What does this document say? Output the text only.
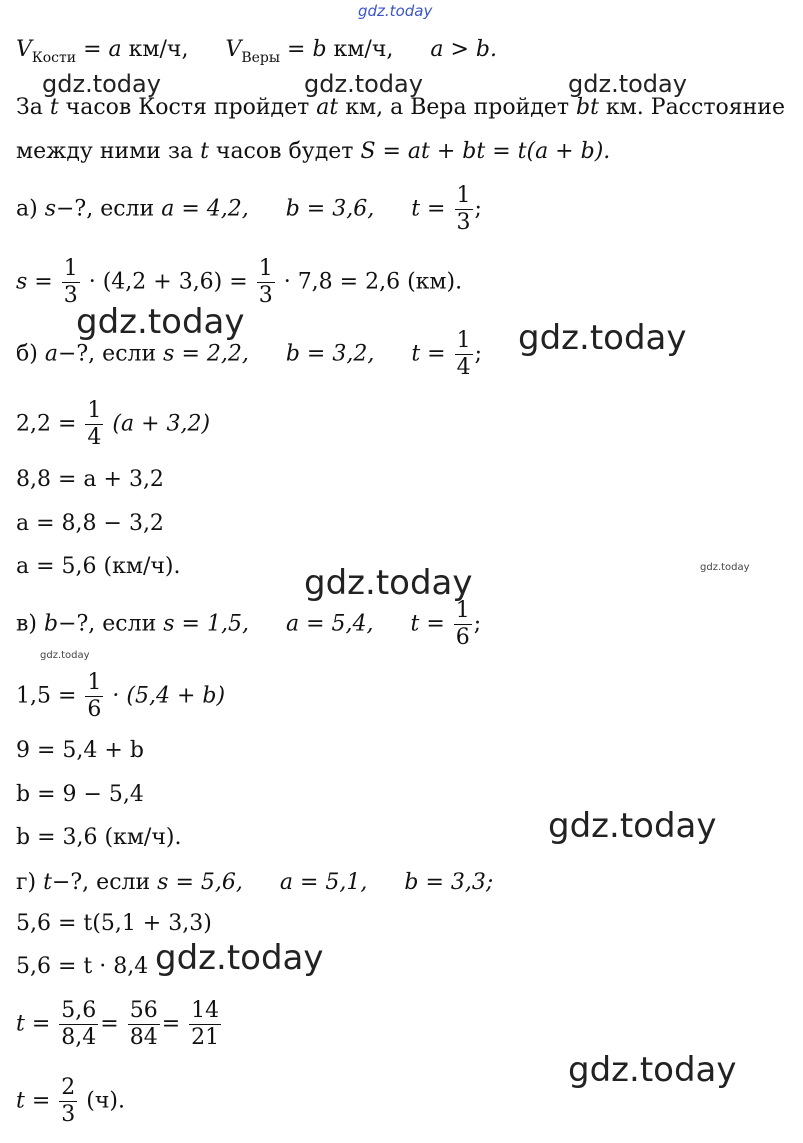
gdz.today
gdz.today	gdz.today	gdz.today
gdz.today	gdz.today
gdz.today	gdz.today
gdz.today
gdz.today
gdz.today
gdz.today
$V_{Кости} = a$ км/ч, $V_{Веры} = b$ км/ч, a > b.
За t часов Костя пройдет at км, а Вера пройдет bt км. Расстояние
между ними за t часов будет S = at + bt = t(a + b).
а) s−?, если a = 4,2, b = 3,6, $t = \frac{1}{3}$ ;
$s = \frac{1}{3} \cdot (4,2 + 3,6) = \frac{1}{3} \cdot 7,8 = 2,6$ (км).
б) a−?, если s = 2,2, b = 3,2, $t = \frac{1}{4}$ ;
$2,2 = \frac{1}{4} (a + 3,2)$
8,8 = a + 3,2
a = 8,8 − 3,2
a = 5,6 (км/ч).
в) b−?, если s = 1,5, a = 5,4, $t = \frac{1}{6}$ ;
$1,5 = \frac{1}{6} \cdot (5,4 + b)$
9 = 5,4 + b
b = 9 − 5,4
b = 3,6 (км/ч).
г) t−?, если s = 5,6, a = 5,1, b = 3,3;
5,6 = t(5,1 + 3,3)
5,6 = t · 8,4
$t = \frac{5,6}{8,4} = \frac{56}{84} = \frac{14}{21}$
$t = \frac{2}{3} (ч)$.
